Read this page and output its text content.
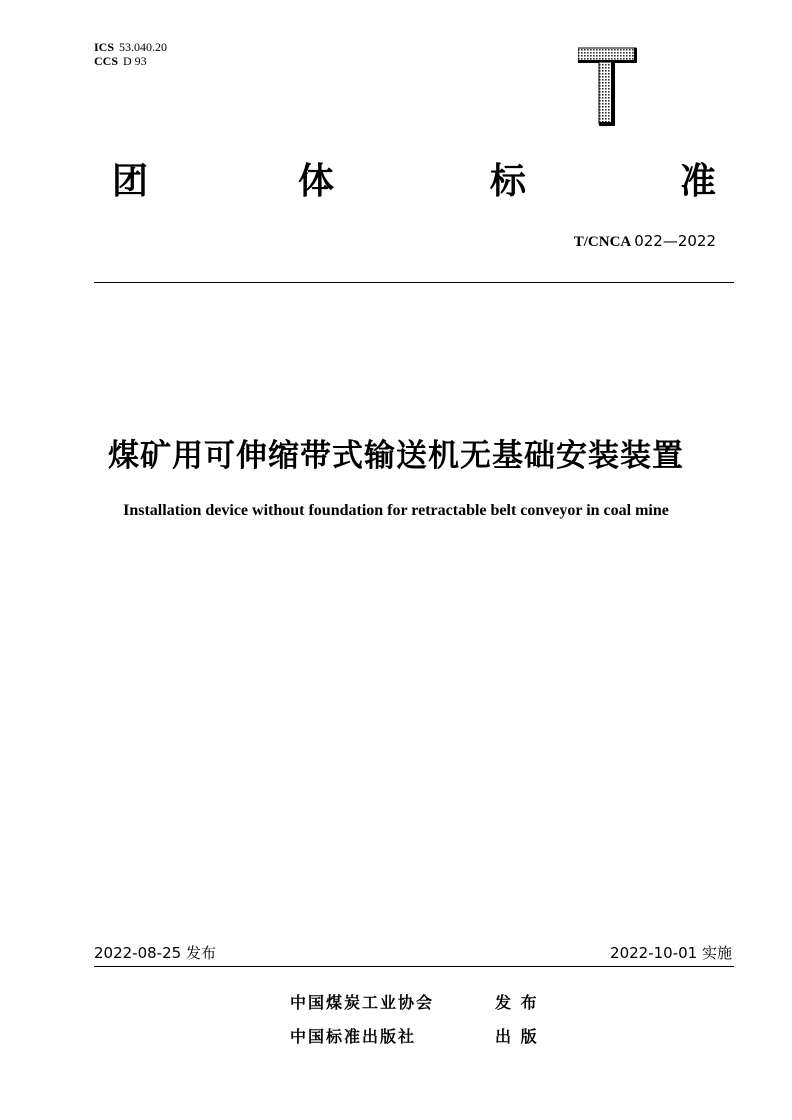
ICS 53.040.20
CCS D 93
团	体	标	准
T/CNCA 022—2022
煤矿用可伸缩带式输送机无基础安装装置
Installation device without foundation for retractable belt conveyor in coal mine
2022-08-25 发布	2022-10-01 实施
中国煤炭工业协会	发 布
中国标准出版社	出 版
